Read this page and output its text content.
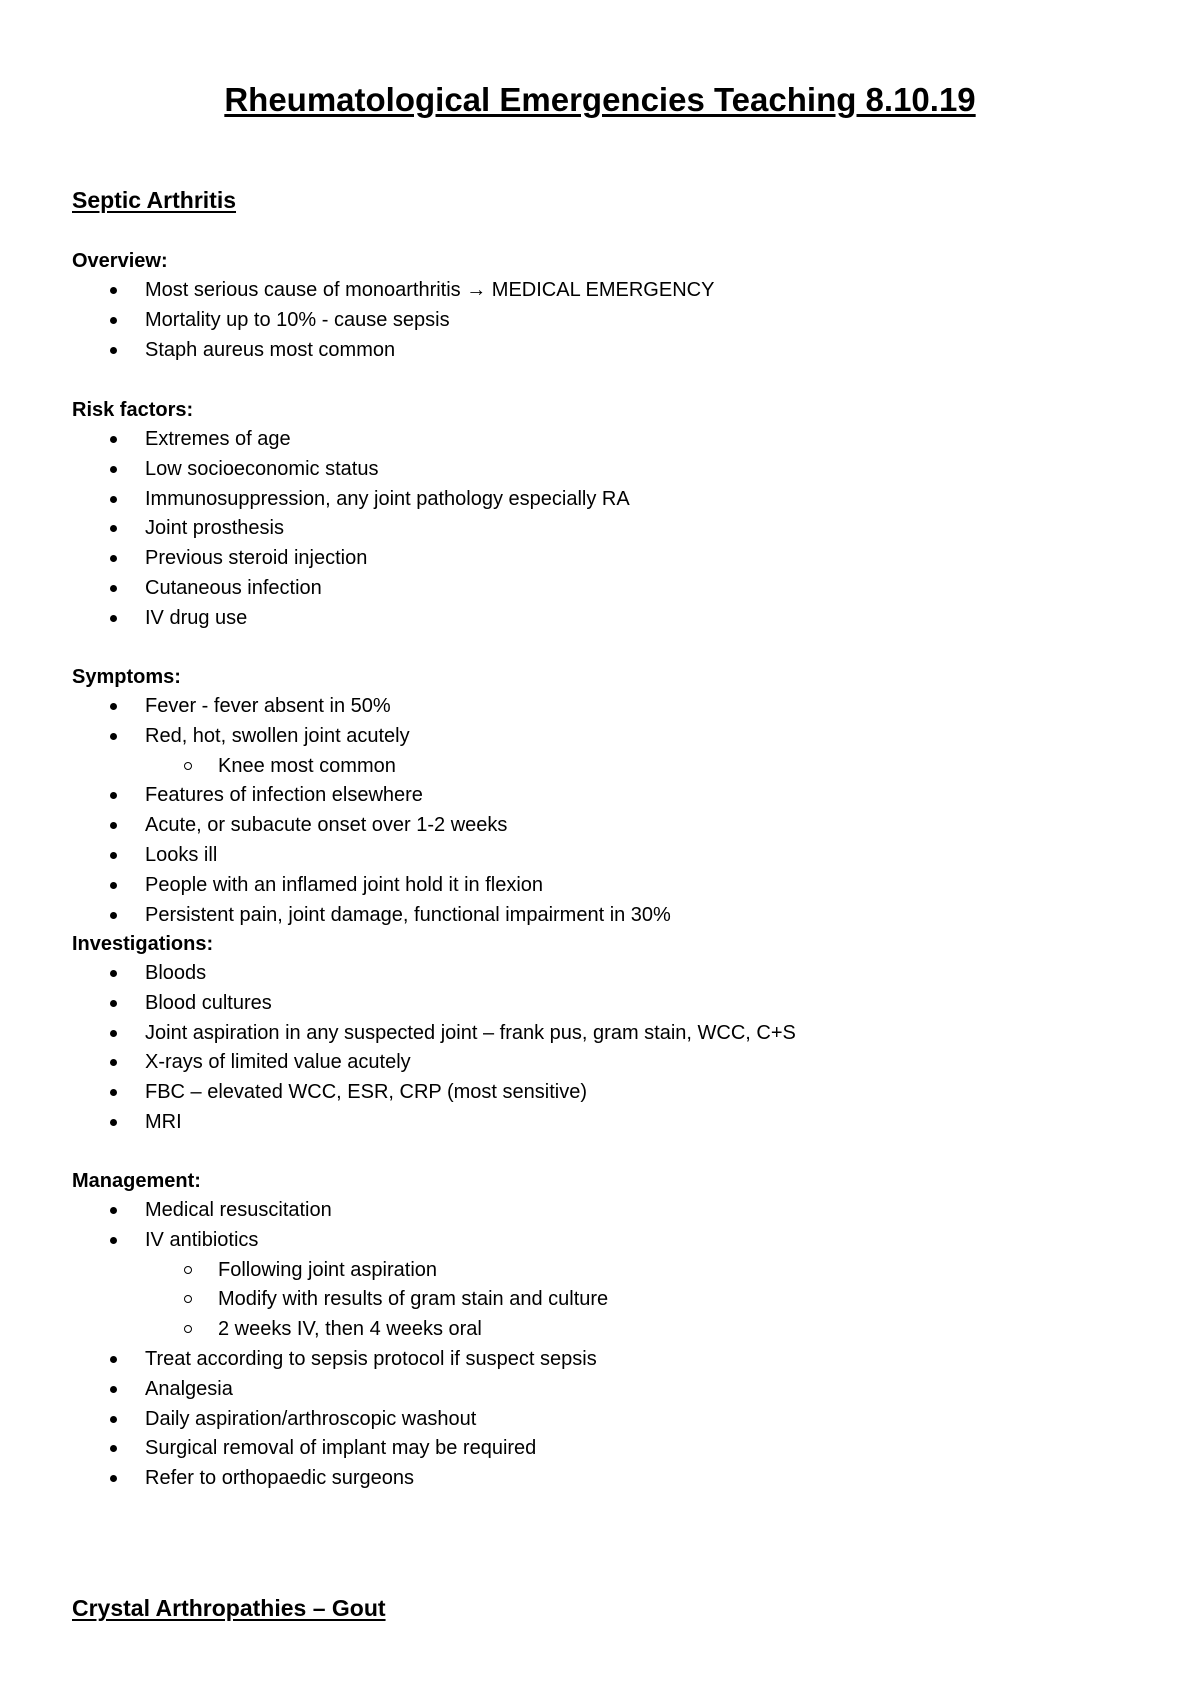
Rheumatological Emergencies Teaching 8.10.19
Septic Arthritis
Overview:
Most serious cause of monoarthritis → MEDICAL EMERGENCY
Mortality up to 10% - cause sepsis
Staph aureus most common
Risk factors:
Extremes of age
Low socioeconomic status
Immunosuppression, any joint pathology especially RA
Joint prosthesis
Previous steroid injection
Cutaneous infection
IV drug use
Symptoms:
Fever - fever absent in 50%
Red, hot, swollen joint acutely
Knee most common
Features of infection elsewhere
Acute, or subacute onset over 1-2 weeks
Looks ill
People with an inflamed joint hold it in flexion
Persistent pain, joint damage, functional impairment in 30%
Investigations:
Bloods
Blood cultures
Joint aspiration in any suspected joint – frank pus, gram stain, WCC, C+S
X-rays of limited value acutely
FBC – elevated WCC, ESR, CRP (most sensitive)
MRI
Management:
Medical resuscitation
IV antibiotics
Following joint aspiration
Modify with results of gram stain and culture
2 weeks IV, then 4 weeks oral
Treat according to sepsis protocol if suspect sepsis
Analgesia
Daily aspiration/arthroscopic washout
Surgical removal of implant may be required
Refer to orthopaedic surgeons
Crystal Arthropathies – Gout
